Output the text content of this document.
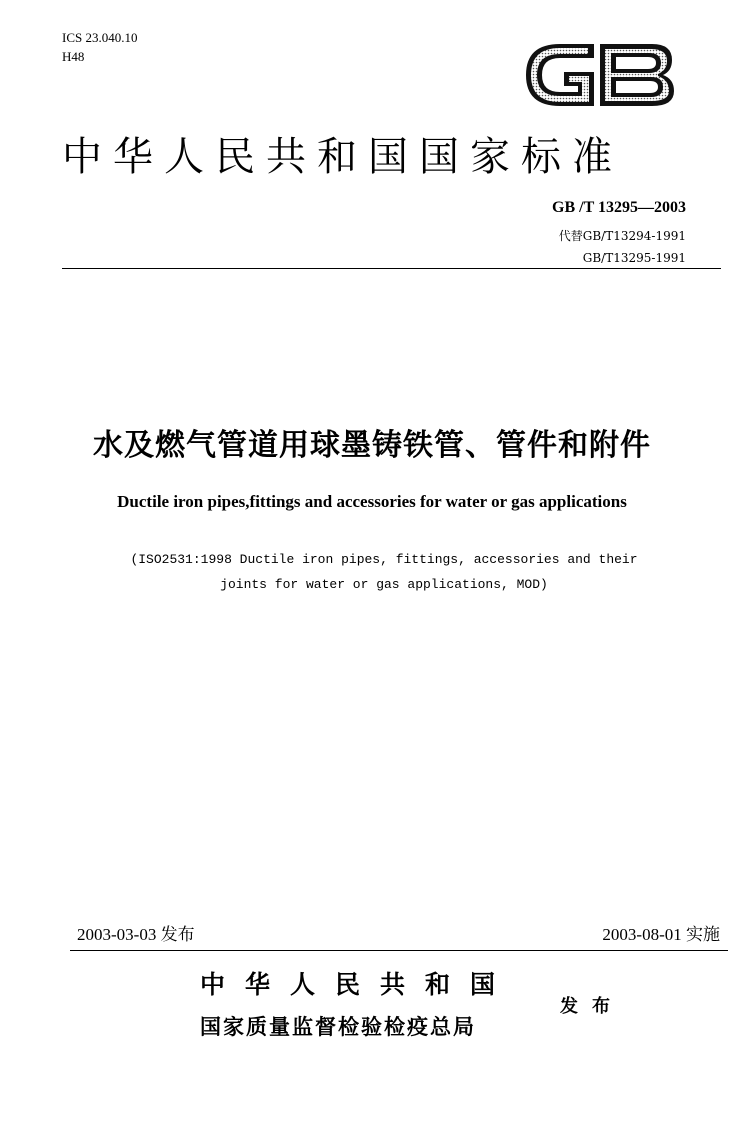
ICS 23.040.10
H48
中华人民共和国国家标准
GB /T 13295—2003
代替GB/T13294-1991
GB/T13295-1991
水及燃气管道用球墨铸铁管、管件和附件
Ductile iron pipes,fittings and accessories for water or gas applications
(ISO2531:1998 Ductile iron pipes, fittings, accessories and their
joints for water or gas applications, MOD)
2003-03-03 发布	2003-08-01 实施
中华人民共和国
国家质量监督检验检疫总局
发布
